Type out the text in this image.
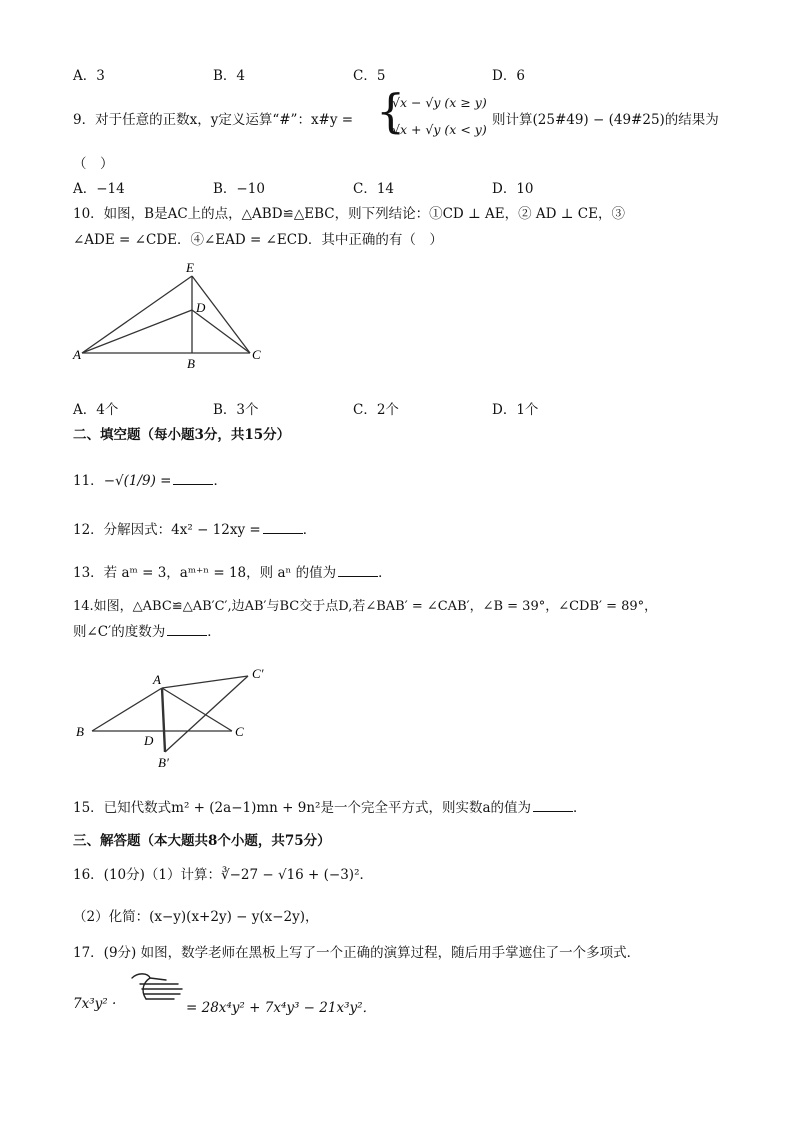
A．3	B．4	C．5	D．6
9．对于任意的正数x，y定义运算“#”：x#y = {
√x − √y (x ≥ y)
√x + √y (x < y)
则计算(25#49) − (49#25)的结果为
（　）
A．−14	B．−10	C．14	D．10
10．如图，B是AC上的点，△ABD≌△EBC，则下列结论：①CD ⊥ AE，② AD ⊥ CE，③
∠ADE = ∠CDE．④∠EAD = ∠ECD．其中正确的有（　）
E
D
A
B
C
A．4个	B．3个	C．2个	D．1个
二、填空题（每小题3分，共15分）
11．−√(1/9) =	．
12．分解因式：4x² − 12xy =	．
13．若 aᵐ = 3，aᵐ⁺ⁿ = 18，则 aⁿ 的值为	．
14.如图，△ABC≌△AB′C′,边AB′与BC交于点D,若∠BAB′ = ∠CAB′，∠B = 39°，∠CDB′ = 89°，
则∠C′的度数为	．
A	C′
B
D
C
B′
15．已知代数式m² + (2a−1)mn + 9n²是一个完全平方式，则实数a的值为	．
三、解答题（本大题共8个小题，共75分）
16．(10分)（1）计算：∛−27 − √16 + (−3)²．
（2）化简：(x−y)(x+2y) − y(x−2y)，
17．(9分) 如图，数学老师在黑板上写了一个正确的演算过程，随后用手掌遮住了一个多项式．
7x³y² ·	= 28x⁴y² + 7x⁴y³ − 21x³y²．
